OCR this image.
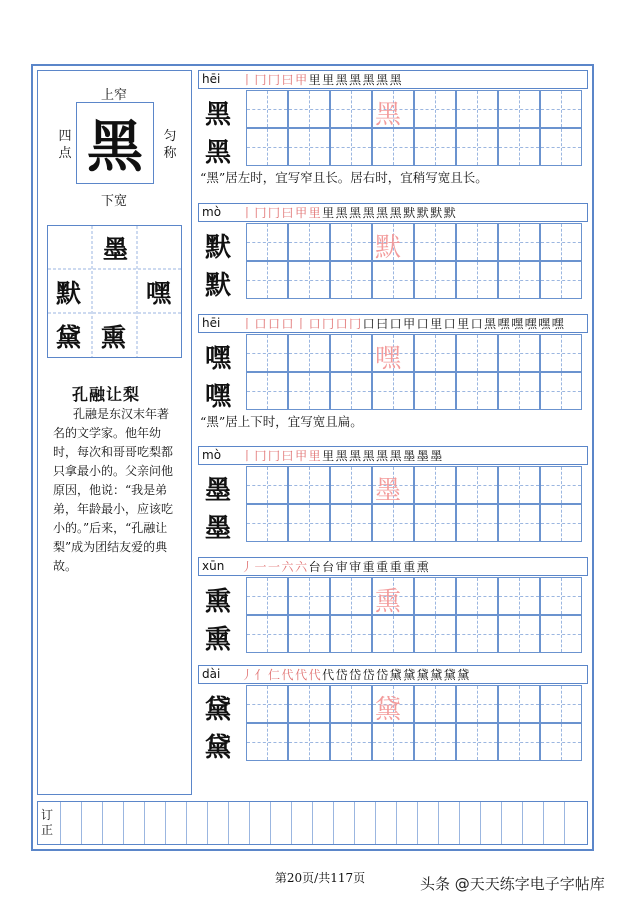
上窄
黑
四
点
匀
称
下宽
墨
默	嘿
黛 熏
孔融让梨
孔融是东汉末年著名的文学家。他年幼时，每次和哥哥吃梨都只拿最小的。父亲问他原因，他说：“我是弟弟，年龄最小，应该吃小的。”后来，“孔融让梨”成为团结友爱的典故。
hēi 丨冂冂曰甲里里黑黑黑黑黑
黑	黑
黑
“黑”居左时，宜写窄且长。居右时，宜稍写宽且长。
mò 丨冂冂曰甲里里黑黑黑黑黑默默默默
默	默
默
hēi 丨口口口丨口冂口冂口曰口甲口里口里口黑嘿嘿嘿嘿嘿
嘿	嘿
嘿
“黑”居上下时，宜写宽且扁。
mò 丨冂冂曰甲里里黑黑黑黑黑墨墨墨
墨	墨
墨
xūn 丿一一六六台台审审重重重重熏
熏	熏
熏
dài 丿亻仁代代代代岱岱岱岱黛黛黛黛黛黛
黛	黛
黛
订
正
第20页/共117页	头条 @天天练字电子字帖库
